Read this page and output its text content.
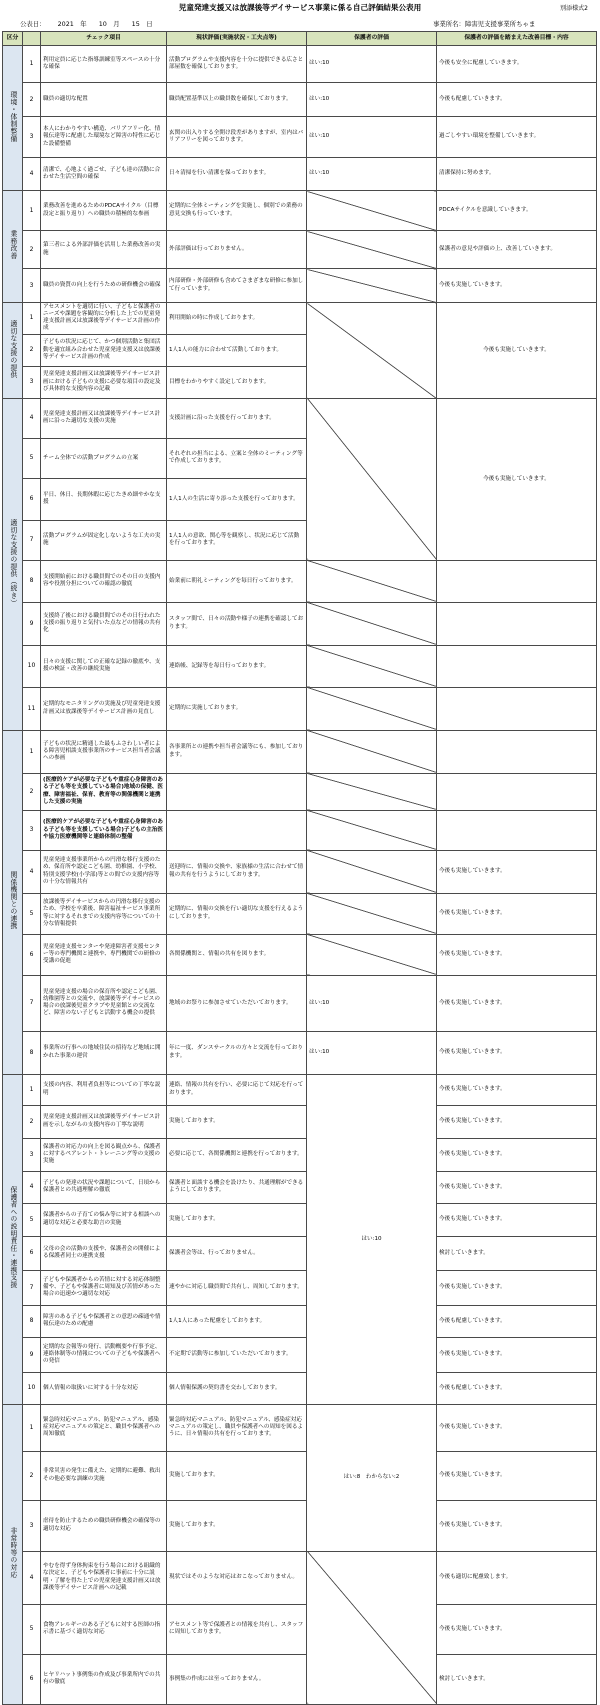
児童発達支援又は放課後等デイサービス事業に係る自己評価結果公表用	別添様式2
公表日： 2021　年 10　月 15　日	事業所名：障害児支援事業所ちゃま
区分		チェック項目	現状評価(実施状況・工夫点等)	保護者の評価	保護者の評価を踏まえた改善目標・内容
環境・体制整備	1	利用定員に応じた指導訓練室等スペースの十分な確保	活動プログラムや支援内容を十分に提供できる広さと部屋数を確保しております。	はい:10	今後も安全に配慮していきます。
	2	職員の適切な配置	職員配置基準以上の職員数を確保しております。	はい:10	今後も配慮していきます。
	3	本人にわかりやすい構造、バリアフリー化、情報伝達等に配慮した環境など障害の特性に応じた設備整備	玄関の出入りする全開け段差がありますが、室内はバリアフリーを図っております。	はい:10	過ごしやすい環境を整備していきます。
	4	清潔で、心地よく過ごせ、子ども達の活動に合わせた生活空間の確保	日々清掃を行い清潔を保っております。	はい:10	清潔保持に努めます。
業務改善	1	業務改善を進めるためのPDCAサイクル（目標設定と振り返り）への職員の積極的な参画	定期的に全体ミーティングを実施し、個別での業務の意見交換も行っています。		PDCAサイクルを意識していきます。
	2	第三者による外部評価を活用した業務改善の実施	外部評価は行っておりません。		保護者の意見や評価の上、改善していきます。
	3	職員の資質の向上を行うための研修機会の確保	内部研修・外部研修も含めてさまざまな研修に参加して行っています。		今後も実施していきます。
適切な支援の提供	1	アセスメントを適切に行い、子どもと保護者のニーズや課題を客観的に分析した上での児童発達支援計画又は放課後等デイサービス計画の作成	利用開始の時に作成しております。		今後も実施していきます。
	2	子どもの状況に応じて、かつ個別活動と集団活動を適宜組み合わせた児童発達支援又は放課後等デイサービス計画の作成	1人1人の能力に合わせて活動しております。		
	3	児童発達支援計画又は放課後等デイサービス計画における子どもの支援に必要な項目の設定及び具体的な支援内容の記載	目標をわかりやすく設定しております。		
適切な支援の提供（続き）	4	児童発達支援計画又は放課後等デイサービス計画に沿った適切な支援の実施	支援計画に沿った支援を行っております。		今後も実施していきます。
	5	チーム全体での活動プログラムの立案	それぞれの担当による、立案と全体のミーティング等で作成しております。		
	6	平日、休日、長期休暇に応じたきめ細やかな支援	1人1人の生活に寄り添った支援を行っております。		
	7	活動プログラムが固定化しないような工夫の実施	1人1人の意欲、関心等を観察し、状況に応じて活動を行っております。		
	8	支援開始前における職員間でのその日の支援内容や役割分担についての確認の徹底	始業前に朝礼ミーティングを毎日行っております。		
	9	支援終了後における職員間でのその日行われた支援の振り返りと気付いた点などの情報の共有化	スタッフ間で、日々の活動や様子の連携を確認しております。		
	10	日々の支援に関しての正確な記録の徹底や、支援の検証・改善の継続実施	連絡帳、記録等を毎日行っております。		
	11	定期的なモニタリングの実施及び児童発達支援計画又は放課後等デイサービス計画の見直し	定期的に実施しております。		
関係機関との連携	1	子どもの状況に精通した最もふさわしい者による障害児相談支援事業所のサービス担当者会議への参画	各事業所との連携や担当者会議等にも、参加しております。		
	2	(医療的ケアが必要な子どもや重症心身障害のある子ども等を支援している場合)地域の保健、医療、障害福祉、保育、教育等の関係機関と連携した支援の実施			
	3	(医療的ケアが必要な子どもや重症心身障害のある子ども等を支援している場合)子どもの主治医や協力医療機関等と連絡体制の整備			
	4	児童発達支援事業所からの円滑な移行支援のため、保育所や認定こども園、幼稚園、小学校、特別支援学校(小学部)等との間での支援内容等の十分な情報共有	送迎時に、情報の交換や、家族様の生活に合わせて情報の共有を行うようにしております。		今後も実施していきます。
	5	放課後等デイサービスからの円滑な移行支援のため、学校を卒業後、障害福祉サービス事業所等に対するそれまでの支援内容等についての十分な情報提供	定期的に、情報の交換を行い適切な支援を行えるようにしております。		今後も実施していきます。
	6	児童発達支援センターや発達障害者支援センター等の専門機関と連携や、専門機関での研修の受講の促進	各関係機関と、情報の共有を図ります。		今後も実施していきます。
	7	児童発達支援の場合の保育所や認定こども園、幼稚園等との交流や、放課後等デイサービスの場合の放課後児童クラブや児童館との交流など、障害のない子どもと活動する機会の提供	地域のお祭りに参加させていただいております。	はい:10	今後も実施していきます。
	8	事業所の行事への地域住民の招待など地域に開かれた事業の運営	年に一度、ダンスサークルの方々と交流を行っております。	はい:10	今後も実施していきます。
保護者への説明責任・連携支援	1	支援の内容、利用者負担等についての丁寧な説明	連絡、情報の共有を行い、必要に応じて対応を行っております。	はい:10	今後も実施していきます。
	2	児童発達支援計画又は放課後等デイサービス計画を示しながらの支援内容の丁寧な説明	実施しております。		今後も実施していきます。
	3	保護者の対応力の向上を図る観点から、保護者に対するペアレント・トレーニング等の支援の実施	必要に応じて、各関係機関と連携を行っております。		今後も実施していきます。
	4	子どもの発達の状況や課題について、日頃から保護者との共通理解の徹底	保護者と面談する機会を設けたり、共通理解ができるようにしております。		今後も実施していきます。
	5	保護者からの子育ての悩み等に対する相談への適切な対応と必要な助言の実施	実施しております。		今後も実施していきます。
	6	父母の会の活動の支援や、保護者会の開催による保護者同士の連携支援	保護者会等は、行っておりません。		検討していきます。
	7	子どもや保護者からの苦情に対する対応体制整備や、子どもや保護者に周知及び苦情があった場合の迅速かつ適切な対応	速やかに対応し職員間で共有し、周知しております。		今後も実施していきます。
	8	障害のある子どもや保護者との意思の疎通や情報伝達のための配慮	1人1人にあった配慮をしております。		今後も配慮していきます。
	9	定期的な会報等の発行、活動概要や行事予定、連絡体制等の情報についての子どもや保護者への発信	不定期で活動等に参加していただいております。		今後も実施していきます。
	10	個人情報の取扱いに対する十分な対応	個人情報保護の契約書を交わしております。		今後も配慮していきます。
非常時等の対応	1	緊急時対応マニュアル、防犯マニュアル、感染症対応マニュアルの策定と、職員や保護者への周知徹底	緊急時対応マニュアル、防犯マニュアル、感染症対応マニュアルの策定し、職員や保護者への周知を図るように、日々情報の共有を行っております。	はい:8　わからない:2	今後も実施していきます。
	2	非常災害の発生に備えた、定期的に避難、救出その他必要な訓練の実施	実施しております。		今後も実施していきます。
	3	虐待を防止するための職員研修機会の確保等の適切な対応	実施しております。		今後も実施していきます。
	4	やむを得ず身体拘束を行う場合における組織的な決定と、子どもや保護者に事前に十分に説明・了解を得た上での児童発達支援計画又は放課後等デイサービス計画への記載	現状ではそのような対応はおこなっておりません。		今後も適切に配慮致します。
	5	食物アレルギーのある子どもに対する医師の指示書に基づく適切な対応	アセスメント等で保護者との情報を共有し、スタッフに周知しております。		今後も実施していきます。
	6	ヒヤリハット事例集の作成及び事業所内での共有の徹底	事例集の作成には至っておりません。		検討していきます。
